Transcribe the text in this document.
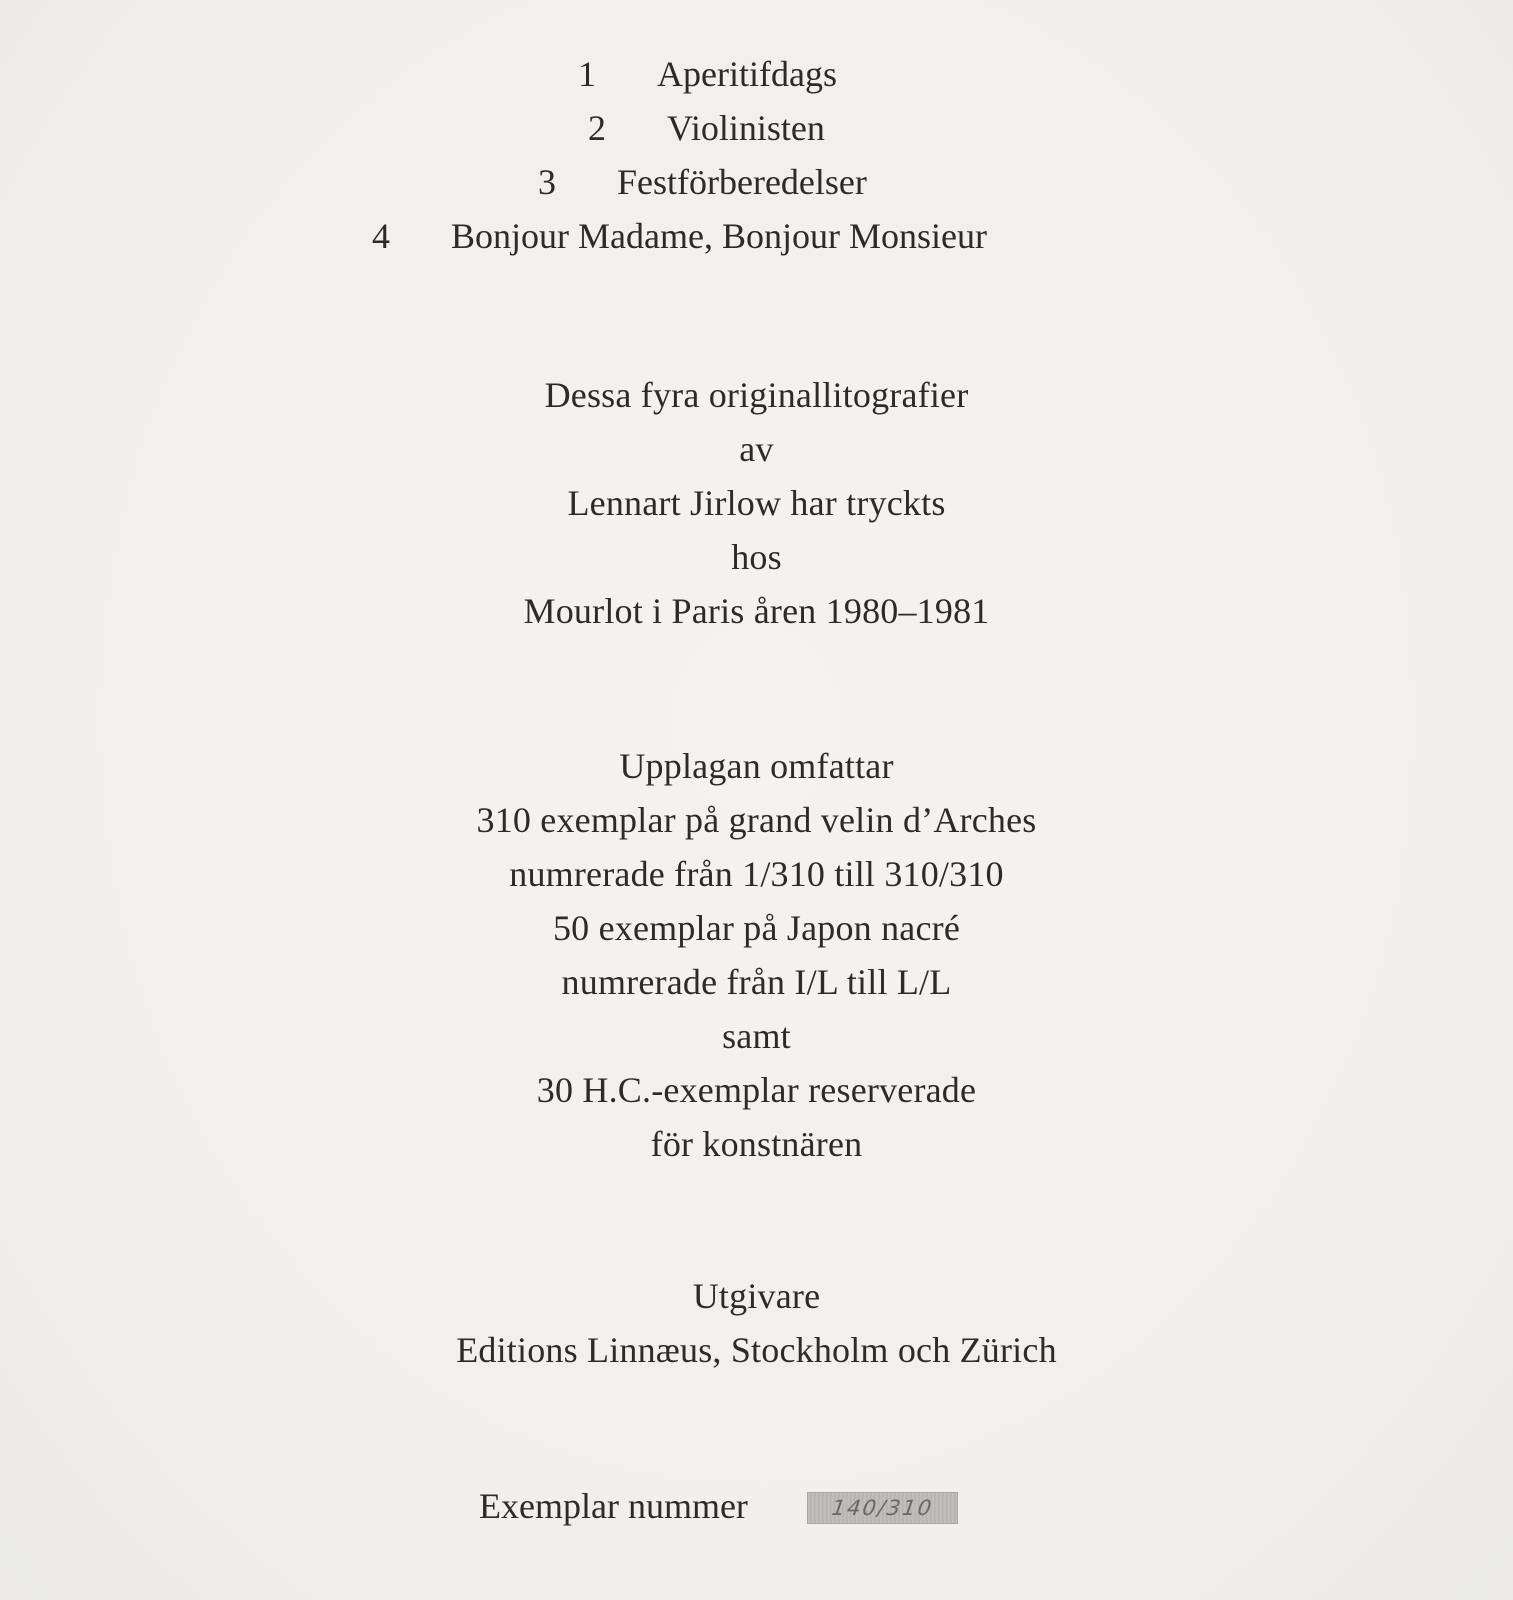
1 Aperitifdags
2 Violinisten
3 Festförberedelser
4 Bonjour Madame, Bonjour Monsieur
Dessa fyra originallitografier
av
Lennart Jirlow har tryckts
hos
Mourlot i Paris åren 1980–1981
Upplagan omfattar
310 exemplar på grand velin d’Arches
numrerade från 1/310 till 310/310
50 exemplar på Japon nacré
numrerade från I/L till L/L
samt
30 H.C.-exemplar reserverade
för konstnären
Utgivare
Editions Linnæus, Stockholm och Zürich
Exemplar nummer	140/310
